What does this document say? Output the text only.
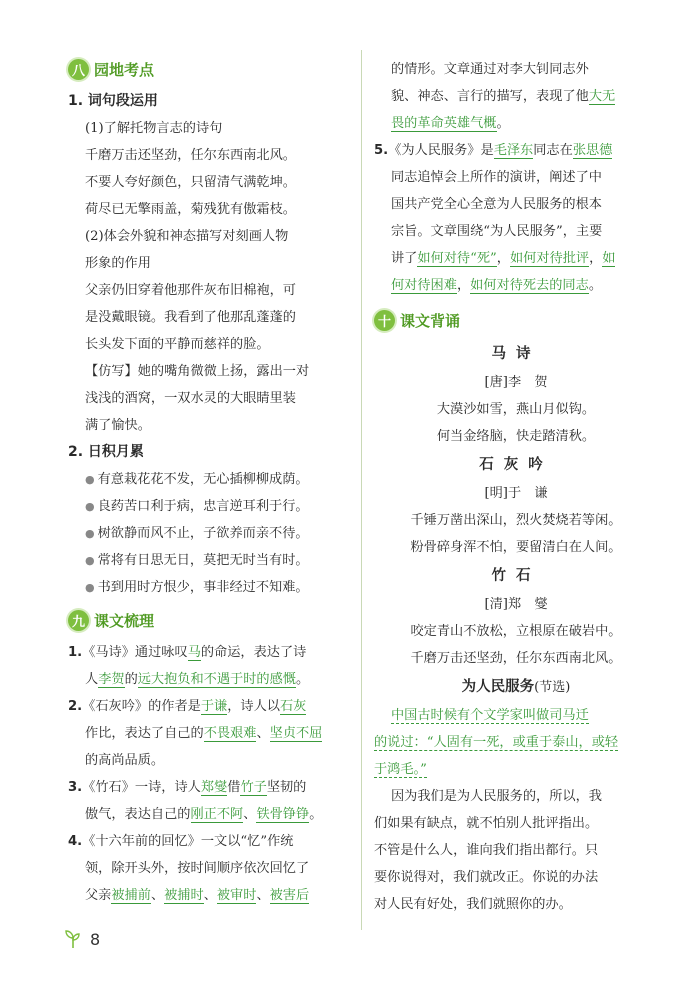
八 园地考点
1. 词句段运用
(1)了解托物言志的诗句
千磨万击还坚劲，任尔东西南北风。
不要人夸好颜色，只留清气满乾坤。
荷尽已无擎雨盖，菊残犹有傲霜枝。
(2)体会外貌和神态描写对刻画人物
形象的作用
父亲仍旧穿着他那件灰布旧棉袍，可
是没戴眼镜。我看到了他那乱蓬蓬的
长头发下面的平静而慈祥的脸。
【仿写】她的嘴角微微上扬，露出一对
浅浅的酒窝，一双水灵的大眼睛里装
满了愉快。
2. 日积月累
● 有意栽花花不发，无心插柳柳成荫。
● 良药苦口利于病，忠言逆耳利于行。
● 树欲静而风不止，子欲养而亲不待。
● 常将有日思无日，莫把无时当有时。
● 书到用时方恨少，事非经过不知难。
九 课文梳理
1.《马诗》通过咏叹马的命运，表达了诗
人李贺的远大抱负和不遇于时的感慨。
2.《石灰吟》的作者是于谦，诗人以石灰
作比，表达了自己的不畏艰难、坚贞不屈
的高尚品质。
3.《竹石》一诗，诗人郑燮借竹子坚韧的
傲气，表达自己的刚正不阿、铁骨铮铮。
4.《十六年前的回忆》一文以“忆”作统
领，除开头外，按时间顺序依次回忆了
父亲被捕前、被捕时、被审时、被害后
的情形。文章通过对李大钊同志外
貌、神态、言行的描写，表现了他大无
畏的革命英雄气概。
5.《为人民服务》是毛泽东同志在张思德
同志追悼会上所作的演讲，阐述了中
国共产党全心全意为人民服务的根本
宗旨。文章围绕“为人民服务”，主要
讲了如何对待“死”，如何对待批评，如
何对待困难，如何对待死去的同志。
十 课文背诵
马诗
[唐]李　贺
大漠沙如雪，燕山月似钩。
何当金络脑，快走踏清秋。
石灰吟
[明]于　谦
千锤万凿出深山，烈火焚烧若等闲。
粉骨碎身浑不怕，要留清白在人间。
竹石
[清]郑　燮
咬定青山不放松，立根原在破岩中。
千磨万击还坚劲，任尔东西南北风。
为人民服务(节选)
中国古时候有个文学家叫做司马迁
的说过：“人固有一死，或重于泰山，或轻
于鸿毛。”
因为我们是为人民服务的，所以，我
们如果有缺点，就不怕别人批评指出。
不管是什么人，谁向我们指出都行。只
要你说得对，我们就改正。你说的办法
对人民有好处，我们就照你的办。
8
